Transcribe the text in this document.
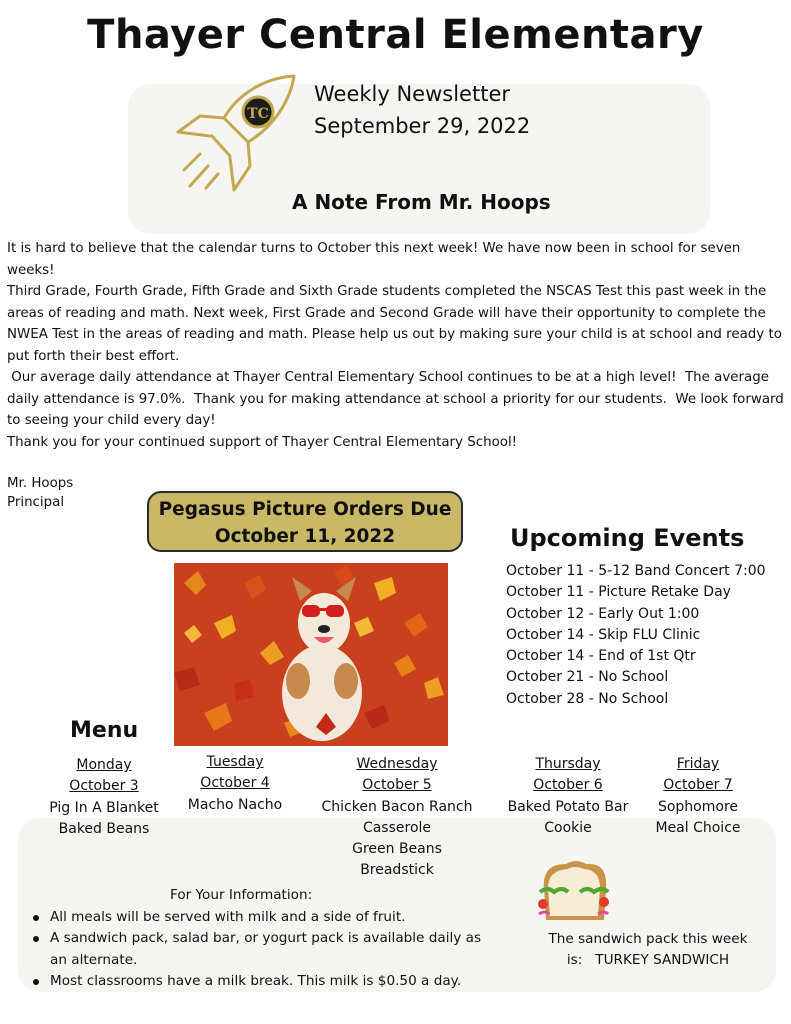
Thayer Central Elementary
TC
Weekly Newsletter
September 29, 2022
A Note From Mr. Hoops

It is hard to believe that the calendar turns to October this next week! We have now been in school for seven weeks!

Third Grade, Fourth Grade, Fifth Grade and Sixth Grade students completed the NSCAS Test this past week in the areas of reading and math. Next week, First Grade and Second Grade will have their opportunity to complete the NWEA Test in the areas of reading and math. Please help us out by making sure your child is at school and ready to put forth their best effort.

Our average daily attendance at Thayer Central Elementary School continues to be at a high level!  The average daily attendance is 97.0%.  Thank you for making attendance at school a priority for our students.  We look forward to seeing your child every day!

Thank you for your continued support of Thayer Central Elementary School!

Mr. Hoops
Principal	Pegasus Picture Orders Due
October 11, 2022	Upcoming Events
October 11 - 5-12 Band Concert 7:00
October 11 - Picture Retake Day
October 12 - Early Out 1:00
October 14 - Skip FLU Clinic
October 14 - End of 1st Qtr
October 21 - No School
October 28 - No School
Menu
Monday
October 3
Pig In A Blanket
Baked Beans
Tuesday
October 4
Macho Nacho
Wednesday
October 5
Chicken Bacon Ranch
Casserole
Green Beans
Breadstick
Thursday
October 6
Baked Potato Bar
Cookie
Friday
October 7
Sophomore
Meal Choice
For Your Information:
All meals will be served with milk and a side of fruit.
A sandwich pack, salad bar, or yogurt pack is available daily as an alternate.
Most classrooms have a milk break. This milk is $0.50 a day.
The sandwich pack this week
is: TURKEY SANDWICH
